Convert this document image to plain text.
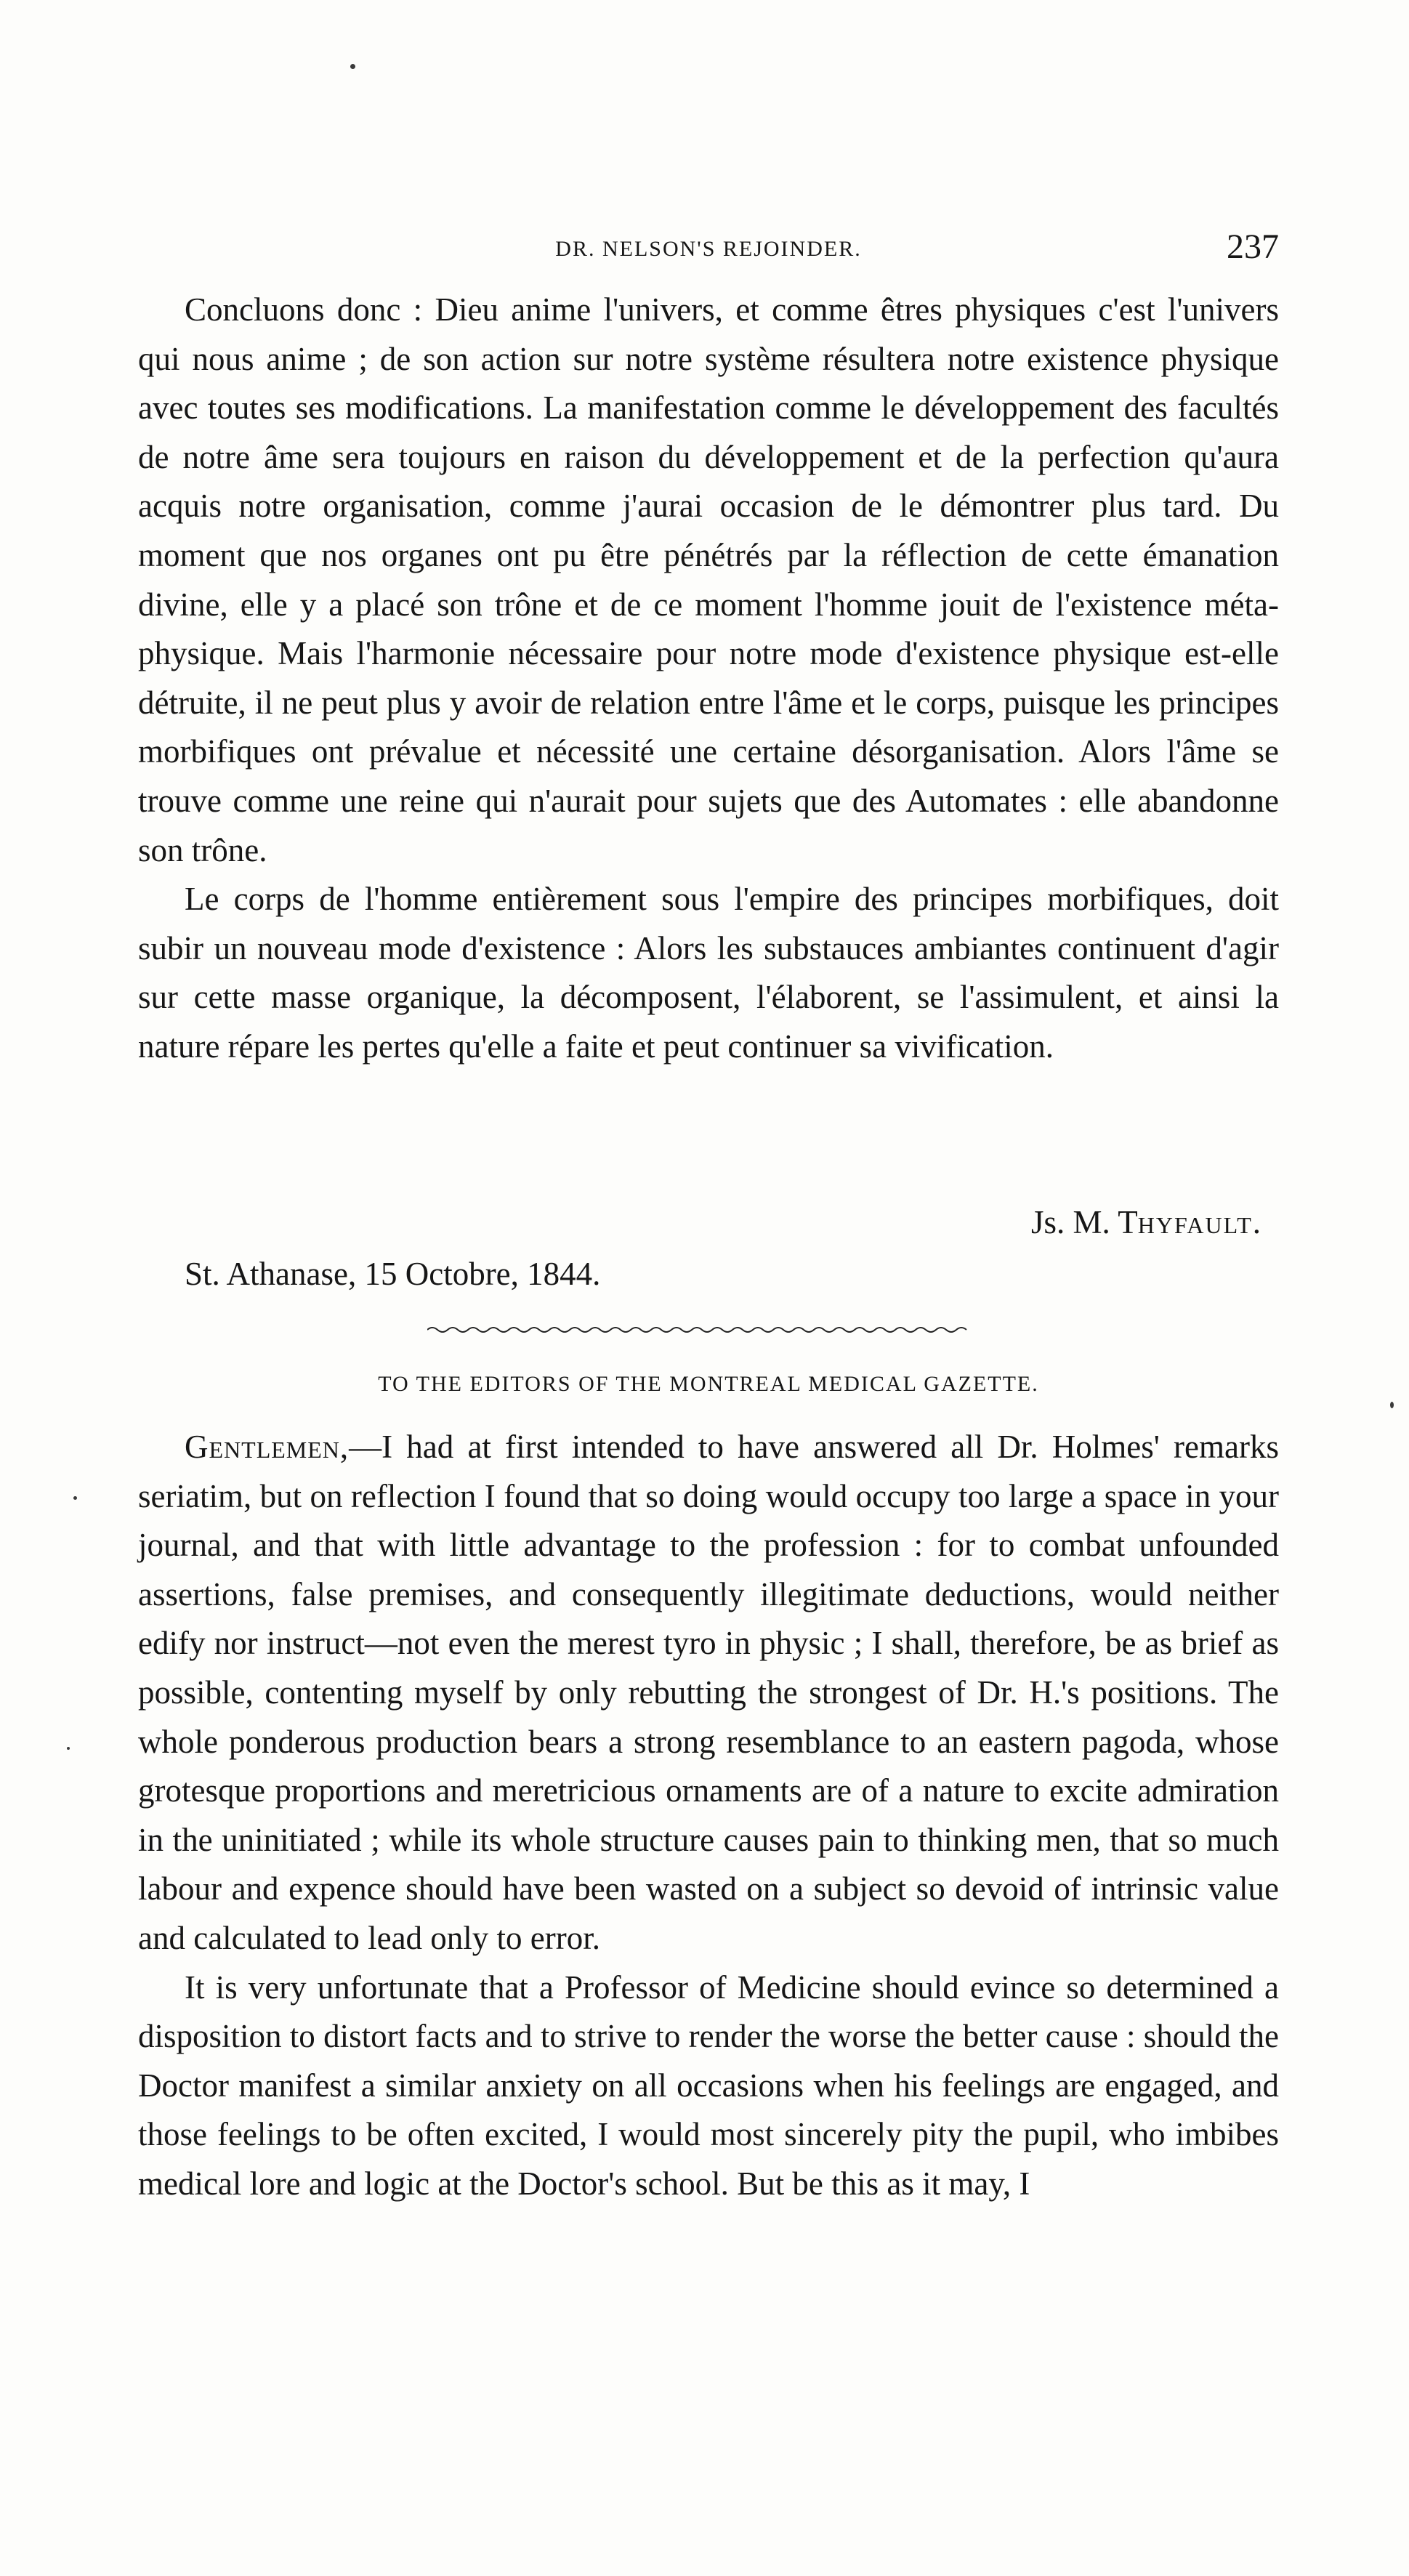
DR. NELSON'S REJOINDER.	237

Concluons donc : Dieu anime l'univers, et comme êtres physiques c'est l'univers qui nous anime ; de son action sur notre système résultera notre existence physique avec toutes ses modifications. La manifestation comme le développement des facultés de notre âme sera toujours en raison du développement et de la perfection qu'aura acquis notre organisation, comme j'aurai occasion de le démontrer plus tard. Du moment que nos organes ont pu être pénétrés par la réflection de cette émanation divine, elle y a placé son trône et de ce moment l'homme jouit de l'existence méta-physique. Mais l'harmonie nécessaire pour notre mode d'existence physique est-elle détruite, il ne peut plus y avoir de relation entre l'âme et le corps, puisque les principes morbifiques ont prévalue et nécessité une certaine désorganisation. Alors l'âme se trouve comme une reine qui n'aurait pour sujets que des Automates : elle abandonne son trône.

Le corps de l'homme entièrement sous l'empire des principes morbifiques, doit subir un nouveau mode d'existence : Alors les substauces ambiantes continuent d'agir sur cette masse organique, la décomposent, l'élaborent, se l'assimulent, et ainsi la nature répare les pertes qu'elle a faite et peut continuer sa vivification.

Js. M. Thyfault.
St. Athanase, 15 Octobre, 1844.
TO THE EDITORS OF THE MONTREAL MEDICAL GAZETTE.

Gentlemen,—I had at first intended to have answered all Dr. Holmes' remarks seriatim, but on reflection I found that so doing would occupy too large a space in your journal, and that with little advantage to the profession : for to combat unfounded assertions, false premises, and consequently illegitimate deductions, would neither edify nor instruct—not even the merest tyro in physic ; I shall, therefore, be as brief as possible, contenting myself by only rebutting the strongest of Dr. H.'s positions. The whole ponderous production bears a strong resemblance to an eastern pagoda, whose grotesque proportions and meretricious ornaments are of a nature to excite admiration in the uninitiated ; while its whole structure causes pain to thinking men, that so much labour and expence should have been wasted on a subject so devoid of intrinsic value and calculated to lead only to error.

It is very unfortunate that a Professor of Medicine should evince so determined a disposition to distort facts and to strive to render the worse the better cause : should the Doctor manifest a similar anxiety on all occasions when his feelings are engaged, and those feelings to be often excited, I would most sincerely pity the pupil, who imbibes medical lore and logic at the Doctor's school. But be this as it may, I
